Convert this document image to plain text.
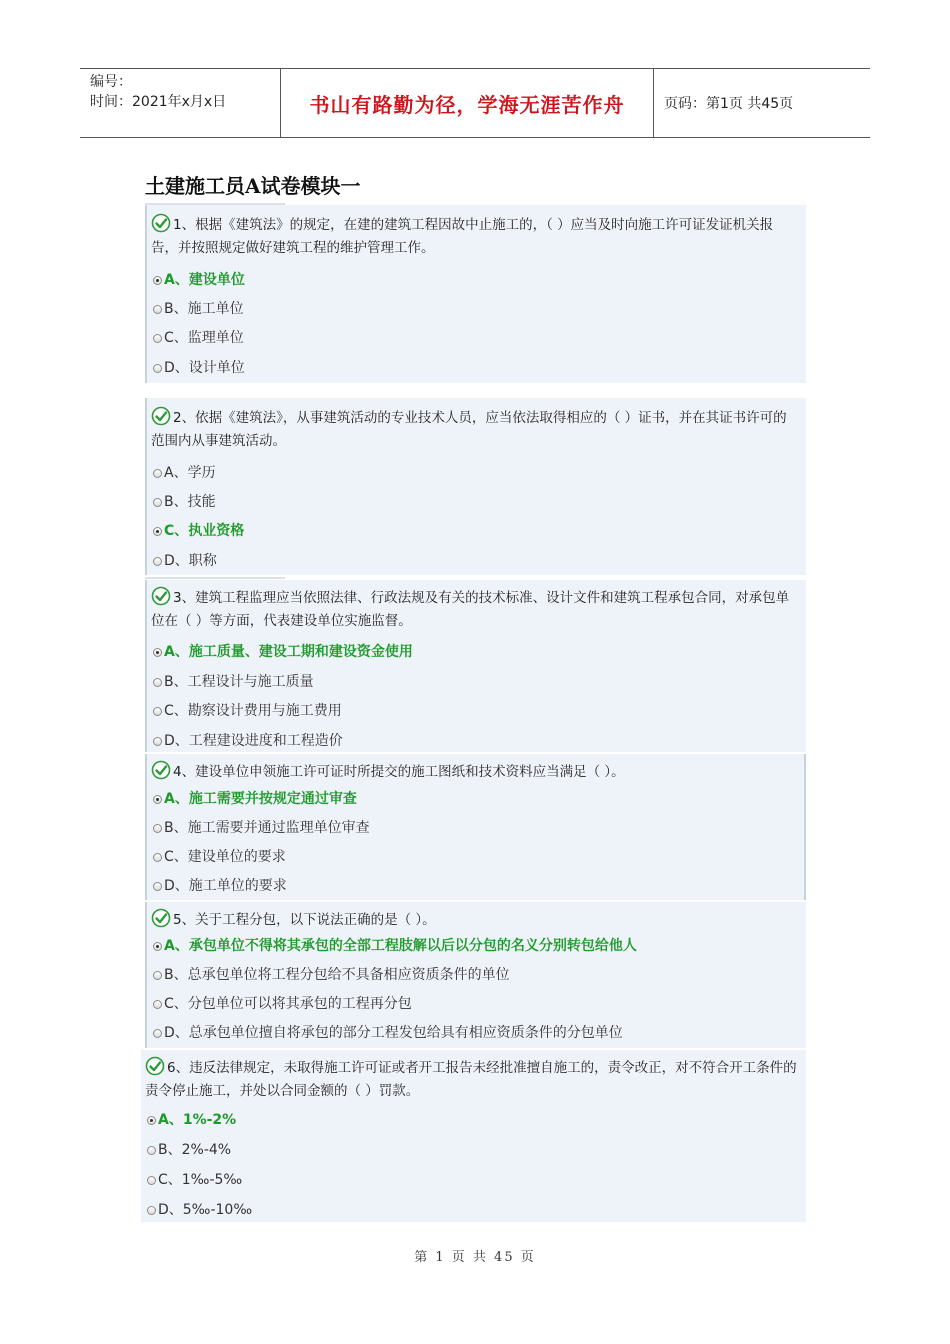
编号：
时间：2021年x月x日	书山有路勤为径，学海无涯苦作舟	页码：第1页 共45页
土建施工员A试卷模块一

1、根据《建筑法》的规定，在建的建筑工程因故中止施工的，（ ）应当及时向施工许可证发证机关报告，并按照规定做好建筑工程的维护管理工作。

A、建设单位
B、施工单位
C、监理单位
D、设计单位

2、依据《建筑法》，从事建筑活动的专业技术人员，应当依法取得相应的（ ）证书，并在其证书许可的范围内从事建筑活动。

A、学历
B、技能
C、执业资格
D、职称

3、建筑工程监理应当依照法律、行政法规及有关的技术标准、设计文件和建筑工程承包合同，对承包单位在（ ）等方面，代表建设单位实施监督。

A、施工质量、建设工期和建设资金使用
B、工程设计与施工质量
C、勘察设计费用与施工费用
D、工程建设进度和工程造价

4、建设单位申领施工许可证时所提交的施工图纸和技术资料应当满足（ ）。

A、施工需要并按规定通过审查
B、施工需要并通过监理单位审查
C、建设单位的要求
D、施工单位的要求

5、关于工程分包，以下说法正确的是（ ）。

A、承包单位不得将其承包的全部工程肢解以后以分包的名义分别转包给他人
B、总承包单位将工程分包给不具备相应资质条件的单位
C、分包单位可以将其承包的工程再分包
D、总承包单位擅自将承包的部分工程发包给具有相应资质条件的分包单位

6、违反法律规定，未取得施工许可证或者开工报告未经批准擅自施工的，责令改正，对不符合开工条件的责令停止施工，并处以合同金额的（ ）罚款。

A、1%-2%
B、2%-4%
C、1‰-5‰
D、5‰-10‰
第 1 页 共 45 页
